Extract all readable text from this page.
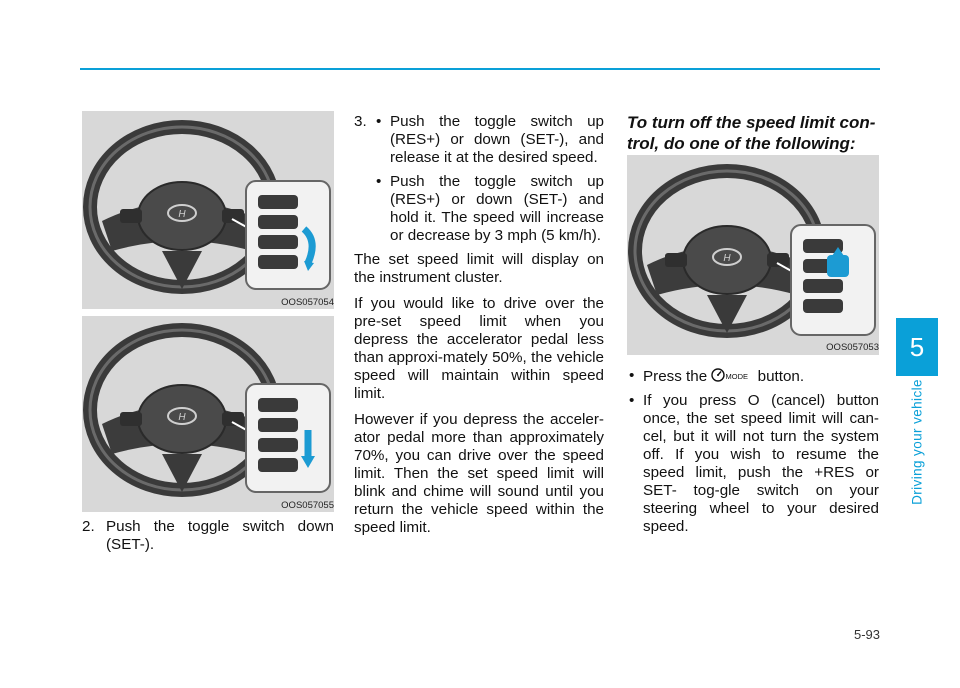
H
OOS057054
H
OOS057055
2. Push the toggle switch down (SET-).
3.
•	Push the toggle switch up (RES+) or down (SET-), and release it at the desired speed.
• Push the toggle switch up (RES+) or down (SET-) and hold it. The speed will increase or decrease by 3 mph (5 km/h).

The set speed limit will display on the instrument cluster.

If you would like to drive over the pre-set speed limit when you depress the accelerator pedal less than approxi-mately 50%, the vehicle speed will maintain within speed limit.

However if you depress the acceler-ator pedal more than approximately 70%, you can drive over the speed limit. Then the set speed limit will blink and chime will sound until you return the vehicle speed within the speed limit.

To turn off the speed limit con-trol, do one of the following:
H
OOS057053
• Press the MODE button.
• If you press O (cancel) button once, the set speed limit will can-cel, but it will not turn the system off. If you wish to resume the speed limit, push the +RES or SET- tog-gle switch on your steering wheel to your desired speed.
5
Driving your vehicle
5-93
